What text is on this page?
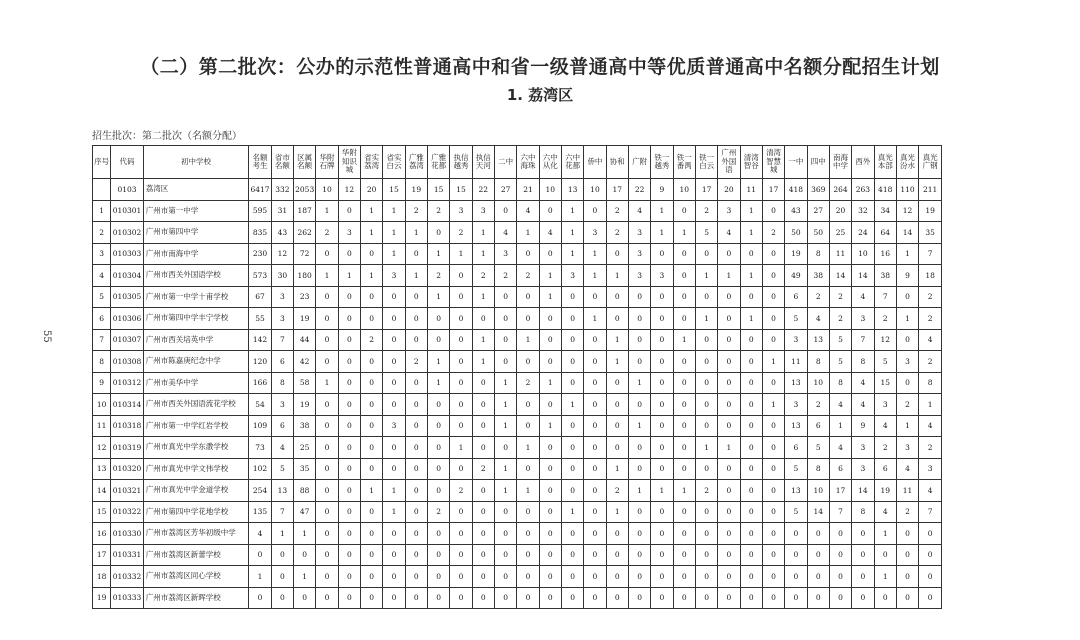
（二）第二批次：公办的示范性普通高中和省一级普通高中等优质普通高中名额分配招生计划
1. 荔湾区
招生批次：第二批次（名额分配）
55
序号	代码	初中学校	名额考生	省市名额	区属名额	华附石牌	华附知识城	省实荔湾	省实白云	广雅荔湾	广雅花都	执信越秀	执信天河	二中	六中海珠	六中从化	六中花都	侨中	协和	广附	铁一越秀	铁一番禺	铁一白云	广州外国语	清湾智谷	清湾智慧城	一中	四中	南海中学	西外	真光本部	真光汾水	真光广钢
	0103	荔湾区	6417	332	2053	10	12	20	15	19	15	15	22	27	21	10	13	10	17	22	9	10	17	20	11	17	418	369	264	263	418	110	211
1	010301	广州市第一中学	595	31	187	1	0	1	1	2	2	3	3	0	4	0	1	0	2	4	1	0	2	3	1	0	43	27	20	32	34	12	19
2	010302	广州市第四中学	835	43	262	2	3	1	1	1	0	2	1	4	1	4	1	3	2	3	1	1	5	4	1	2	50	50	25	24	64	14	35
3	010303	广州市南海中学	230	12	72	0	0	0	1	0	1	1	1	3	0	0	1	1	0	3	0	0	0	0	0	0	19	8	11	10	16	1	7
4	010304	广州市西关外国语学校	573	30	180	1	1	1	3	1	2	0	2	2	2	1	3	1	1	3	3	0	1	1	1	0	49	38	14	14	38	9	18
5	010305	广州市第一中学十甫学校	67	3	23	0	0	0	0	0	1	0	1	0	0	1	0	0	0	0	0	0	0	0	0	0	6	2	2	4	7	0	2
6	010306	广州市第四中学丰宁学校	55	3	19	0	0	0	0	0	0	0	0	0	0	0	0	1	0	0	0	0	1	0	1	0	5	4	2	3	2	1	2
7	010307	广州市西关培英中学	142	7	44	0	0	2	0	0	0	0	1	0	1	0	0	0	1	0	0	1	0	0	0	0	3	13	5	7	12	0	4
8	010308	广州市陈嘉庚纪念中学	120	6	42	0	0	0	0	2	1	0	1	0	0	0	0	0	1	0	0	0	0	0	0	1	11	8	5	8	5	3	2
9	010312	广州市美华中学	166	8	58	1	0	0	0	0	1	0	0	1	2	1	0	0	0	1	0	0	0	0	0	0	13	10	8	4	15	0	8
10	010314	广州市西关外国语流花学校	54	3	19	0	0	0	0	0	0	0	0	1	0	0	1	0	0	0	0	0	0	0	0	1	3	2	4	4	3	2	1
11	010318	广州市第一中学红岩学校	109	6	38	0	0	0	3	0	0	0	0	1	0	1	0	0	0	1	0	0	0	0	0	0	13	6	1	9	4	1	4
12	010319	广州市真光中学东漖学校	73	4	25	0	0	0	0	0	0	1	0	0	1	0	0	0	0	0	0	0	1	1	0	0	6	5	4	3	2	3	2
13	010320	广州市真光中学文伟学校	102	5	35	0	0	0	0	0	0	0	2	1	0	0	0	0	1	0	0	0	0	0	0	0	5	8	6	3	6	4	3
14	010321	广州市真光中学金道学校	254	13	88	0	0	1	1	0	0	2	0	1	1	0	0	0	2	1	1	1	2	0	0	0	13	10	17	14	19	11	4
15	010322	广州市第四中学花地学校	135	7	47	0	0	0	1	0	2	0	0	0	0	0	1	0	1	0	0	0	0	0	0	0	5	14	7	8	4	2	7
16	010330	广州市荔湾区芳华初级中学	4	1	1	0	0	0	0	0	0	0	0	0	0	0	0	0	0	0	0	0	0	0	0	0	0	0	0	0	1	0	0
17	010331	广州市荔湾区新蕾学校	0	0	0	0	0	0	0	0	0	0	0	0	0	0	0	0	0	0	0	0	0	0	0	0	0	0	0	0	0	0	0
18	010332	广州市荔湾区同心学校	1	0	1	0	0	0	0	0	0	0	0	0	0	0	0	0	0	0	0	0	0	0	0	0	0	0	0	0	1	0	0
19	010333	广州市荔湾区新晖学校	0	0	0	0	0	0	0	0	0	0	0	0	0	0	0	0	0	0	0	0	0	0	0	0	0	0	0	0	0	0	0
